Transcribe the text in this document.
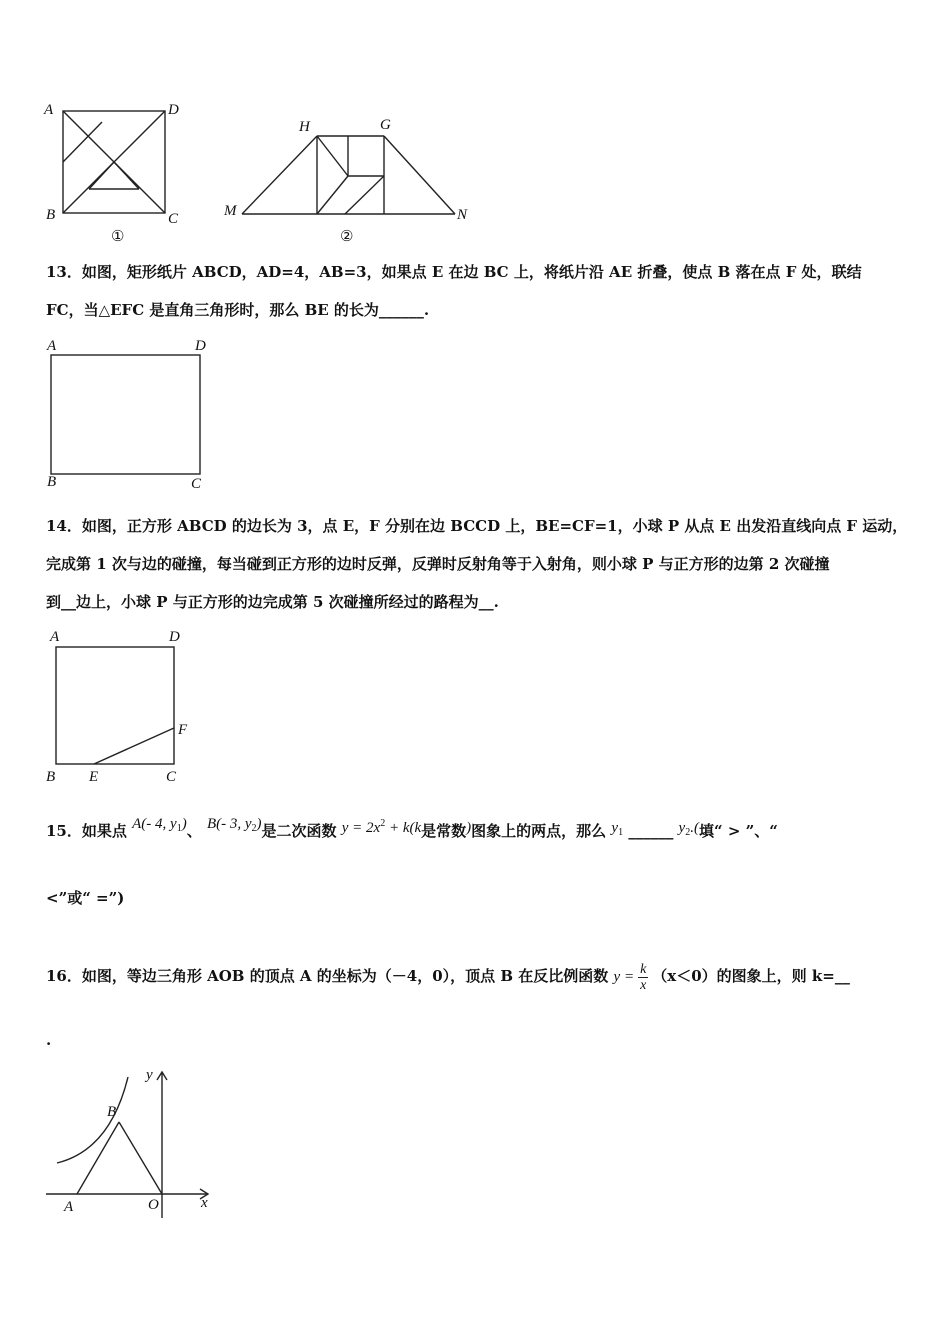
A	D
B	C
①
H	G
M	N
②
13．如图，矩形纸片 ABCD，AD=4，AB=3，如果点 E 在边 BC 上，将纸片沿 AE 折叠，使点 B 落在点 F 处，联结
FC，当△EFC 是直角三角形时，那么 BE 的长为______.
A	D
B	C
14．如图，正方形 ABCD 的边长为 3，点 E，F 分别在边 BCCD 上，BE=CF=1，小球 P 从点 E 出发沿直线向点 F 运动，
完成第 1 次与边的碰撞，每当碰到正方形的边时反弹，反弹时反射角等于入射角，则小球 P 与正方形的边第 2 次碰撞
到__边上，小球 P 与正方形的边完成第 5 次碰撞所经过的路程为__.
A	D
F
B E	C
15．如果点 A(- 4, $y_1$)、 B(- 3, $y_2$)是二次函数 $y = 2x^2 + k(k$是常数)图象上的两点，那么 $y_1$ ______ $y_2$.(填“ > ”、“
<”或“ =”)
16．如图，等边三角形 AOB 的顶点 A 的坐标为（－4，0），顶点 B 在反比例函数 $y = \frac{k}{x} (x<0)$的图象上，则 k=__
.
y
B
A	O	x
